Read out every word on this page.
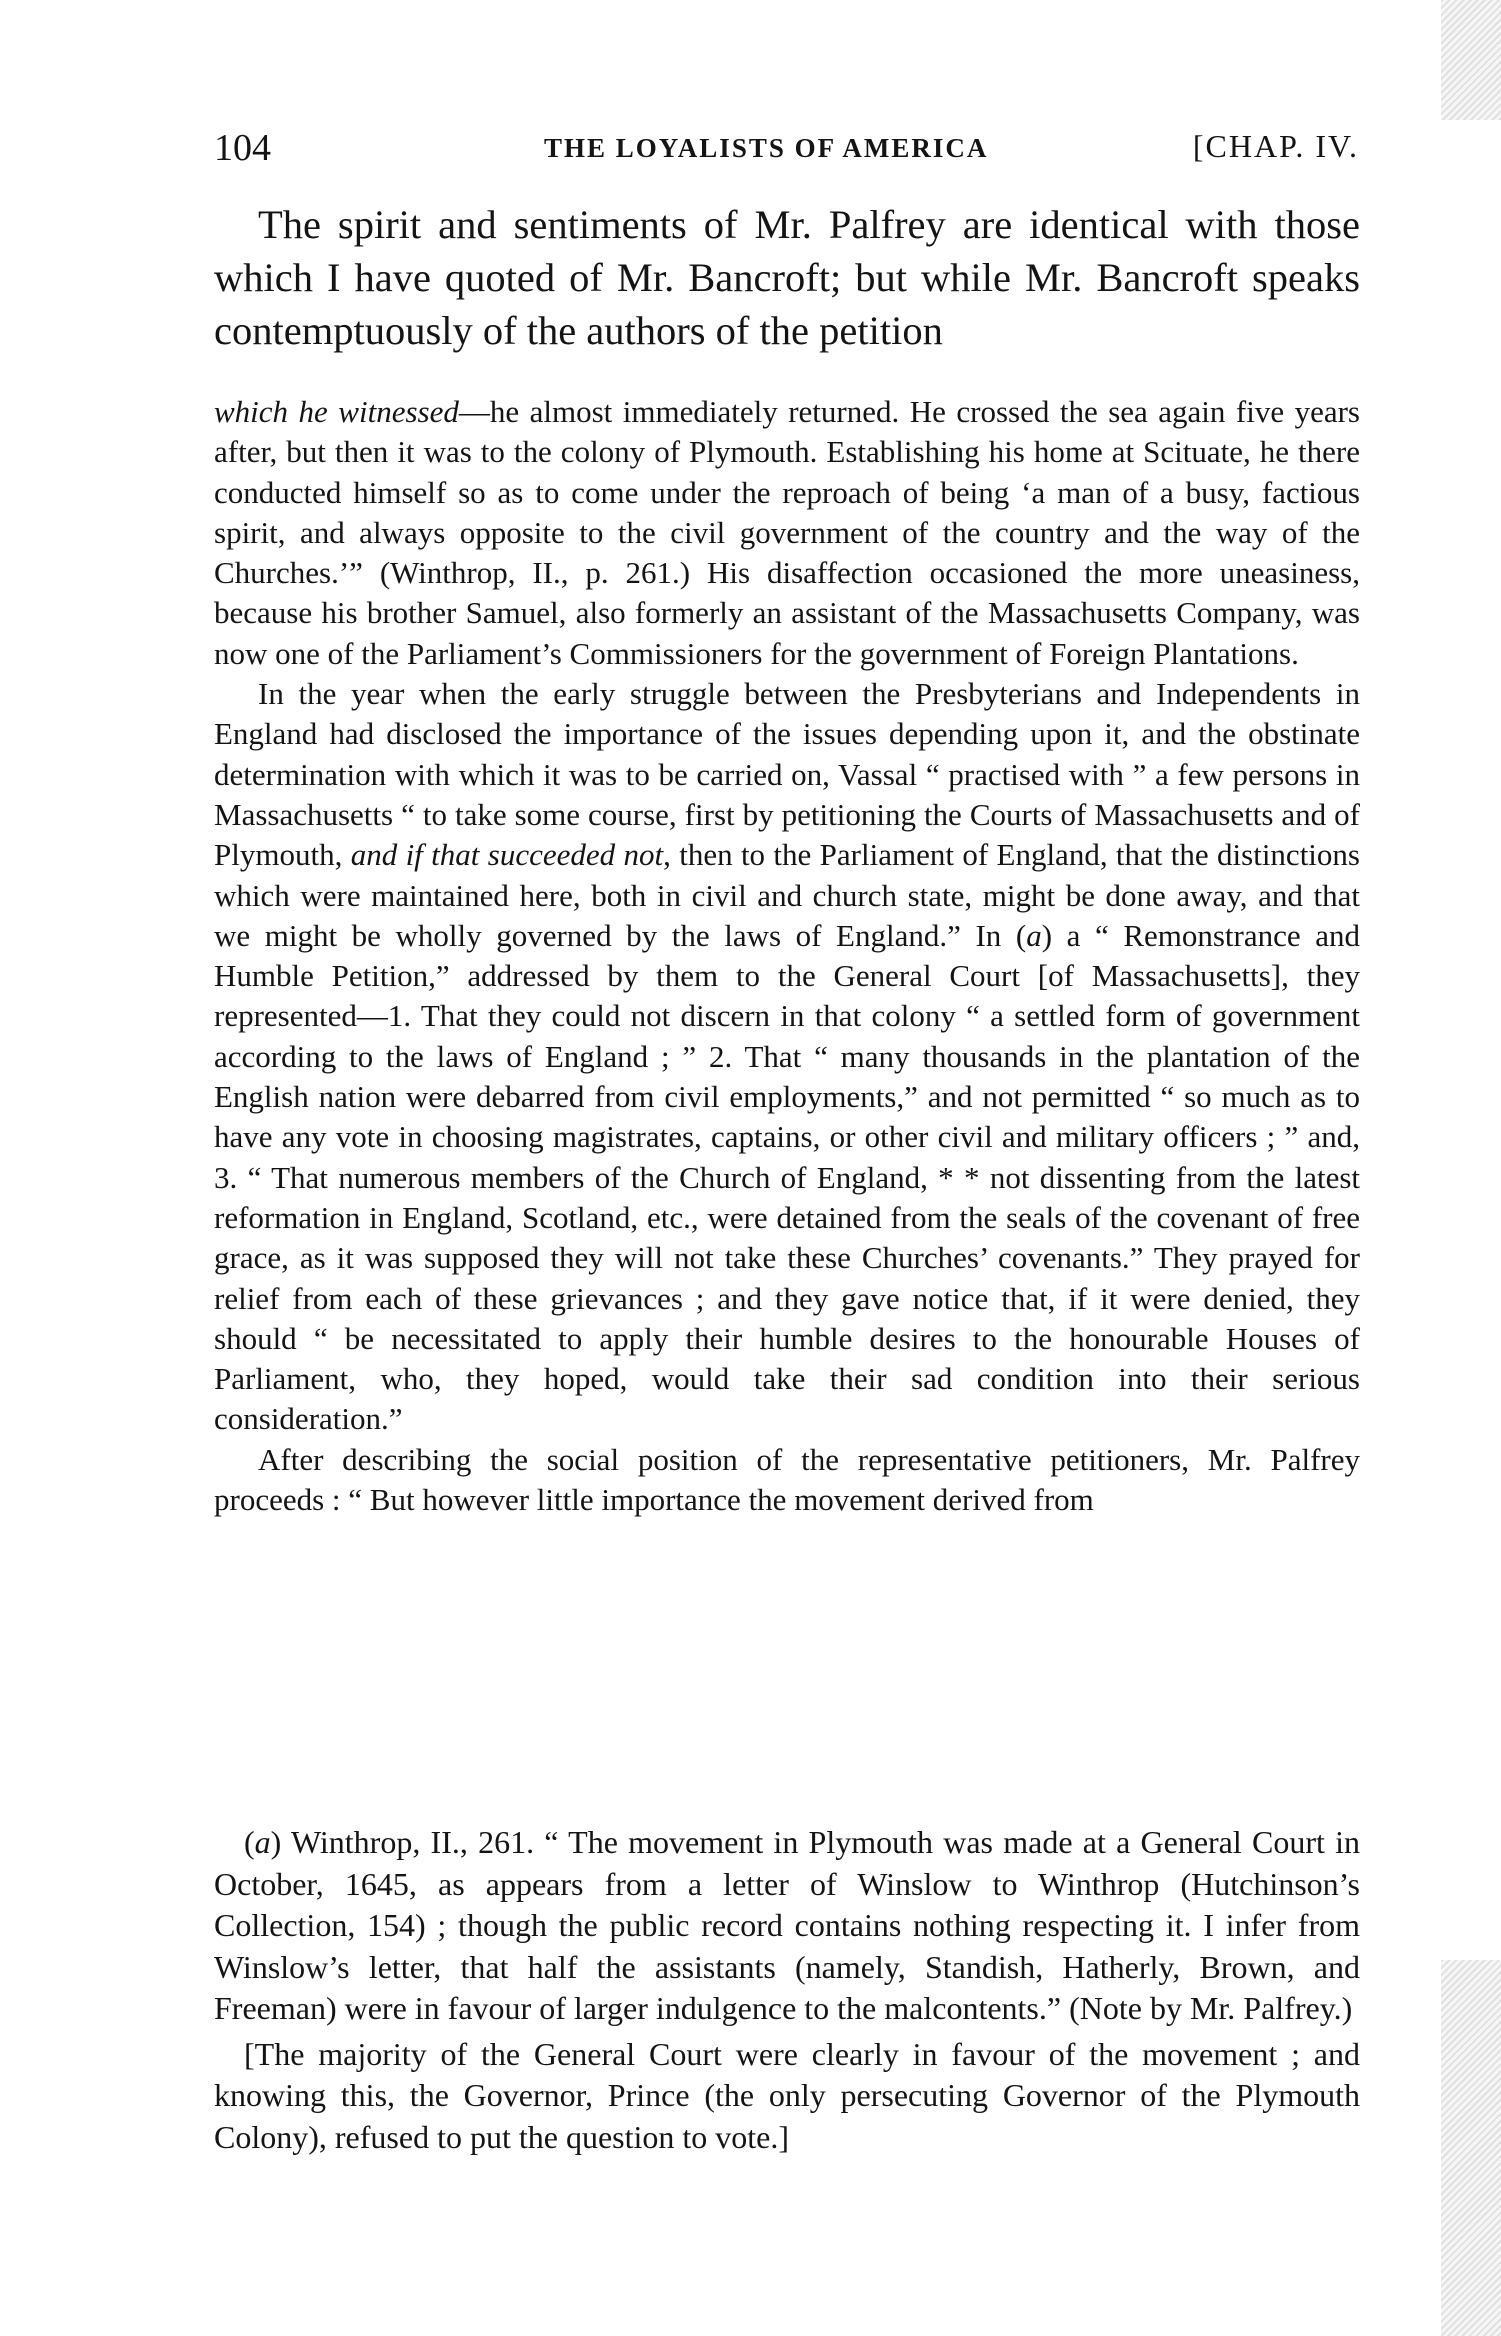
104	THE LOYALISTS OF AMERICA	[CHAP. IV.
The spirit and sentiments of Mr. Palfrey are identical with those which I have quoted of Mr. Bancroft; but while Mr. Bancroft speaks contemptuously of the authors of the petition

which he witnessed—he almost immediately returned. He crossed the sea again five years after, but then it was to the colony of Plymouth. Establishing his home at Scituate, he there conducted himself so as to come under the reproach of being ‘a man of a busy, factious spirit, and always opposite to the civil government of the country and the way of the Churches.’” (Winthrop, II., p. 261.) His disaffection occasioned the more uneasiness, because his brother Samuel, also formerly an assistant of the Massachusetts Company, was now one of the Parliament’s Commissioners for the government of Foreign Plantations.

In the year when the early struggle between the Presbyterians and Independents in England had disclosed the importance of the issues depending upon it, and the obstinate determination with which it was to be carried on, Vassal “ practised with ” a few persons in Massachusetts “ to take some course, first by petitioning the Courts of Massachusetts and of Plymouth, and if that succeeded not, then to the Parliament of England, that the distinctions which were maintained here, both in civil and church state, might be done away, and that we might be wholly governed by the laws of England.” In (a) a “ Remonstrance and Humble Petition,” addressed by them to the General Court [of Massachusetts], they represented—1. That they could not discern in that colony “ a settled form of government according to the laws of England ; ” 2. That “ many thousands in the plantation of the English nation were debarred from civil employments,” and not permitted “ so much as to have any vote in choosing magistrates, captains, or other civil and military officers ; ” and, 3. “ That numerous members of the Church of England, * * not dissenting from the latest reformation in England, Scotland, etc., were detained from the seals of the covenant of free grace, as it was supposed they will not take these Churches’ covenants.” They prayed for relief from each of these grievances ; and they gave notice that, if it were denied, they should “ be necessitated to apply their humble desires to the honourable Houses of Parliament, who, they hoped, would take their sad condition into their serious consideration.”

After describing the social position of the representative petitioners, Mr. Palfrey proceeds : “ But however little importance the movement derived from

(a) Winthrop, II., 261. “ The movement in Plymouth was made at a General Court in October, 1645, as appears from a letter of Winslow to Winthrop (Hutchinson’s Collection, 154) ; though the public record contains nothing respecting it. I infer from Winslow’s letter, that half the assistants (namely, Standish, Hatherly, Brown, and Freeman) were in favour of larger indulgence to the malcontents.” (Note by Mr. Palfrey.)

[The majority of the General Court were clearly in favour of the movement ; and knowing this, the Governor, Prince (the only persecuting Governor of the Plymouth Colony), refused to put the question to vote.]
